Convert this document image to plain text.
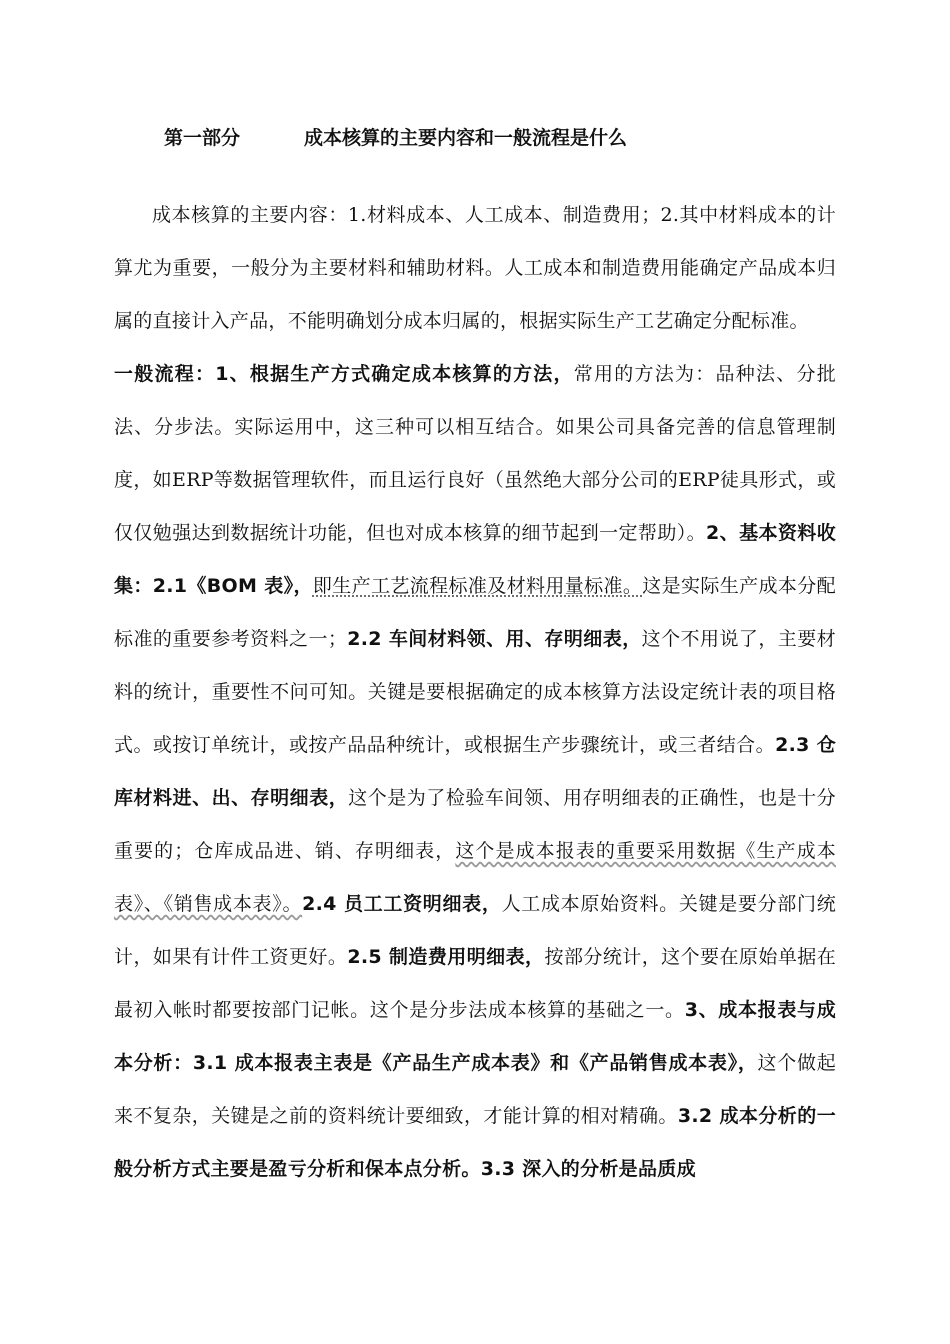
第一部分	成本核算的主要内容和一般流程是什么

成本核算的主要内容：1.材料成本、人工成本、制造费用；2.其中材料成本的计算尤为重要，一般分为主要材料和辅助材料。人工成本和制造费用能确定产品成本归属的直接计入产品，不能明确划分成本归属的，根据实际生产工艺确定分配标准。

一般流程：1、根据生产方式确定成本核算的方法，常用的方法为：品种法、分批法、分步法。实际运用中，这三种可以相互结合。如果公司具备完善的信息管理制度，如ERP等数据管理软件，而且运行良好（虽然绝大部分公司的ERP徒具形式，或仅仅勉强达到数据统计功能，但也对成本核算的细节起到一定帮助）。2、基本资料收集：2.1《BOM 表》，即生产工艺流程标准及材料用量标准。这是实际生产成本分配标准的重要参考资料之一；2.2 车间材料领、用、存明细表，这个不用说了，主要材料的统计，重要性不问可知。关键是要根据确定的成本核算方法设定统计表的项目格式。或按订单统计，或按产品品种统计，或根据生产步骤统计，或三者结合。2.3 仓库材料进、出、存明细表，这个是为了检验车间领、用存明细表的正确性，也是十分重要的；仓库成品进、销、存明细表，这个是成本报表的重要采用数据《生产成本表》、《销售成本表》。2.4 员工工资明细表，人工成本原始资料。关键是要分部门统计，如果有计件工资更好。2.5 制造费用明细表，按部分统计，这个要在原始单据在最初入帐时都要按部门记帐。这个是分步法成本核算的基础之一。3、成本报表与成本分析：3.1 成本报表主表是《产品生产成本表》和《产品销售成本表》，这个做起来不复杂，关键是之前的资料统计要细致，才能计算的相对精确。3.2 成本分析的一般分析方式主要是盈亏分析和保本点分析。3.3 深入的分析是品质成
